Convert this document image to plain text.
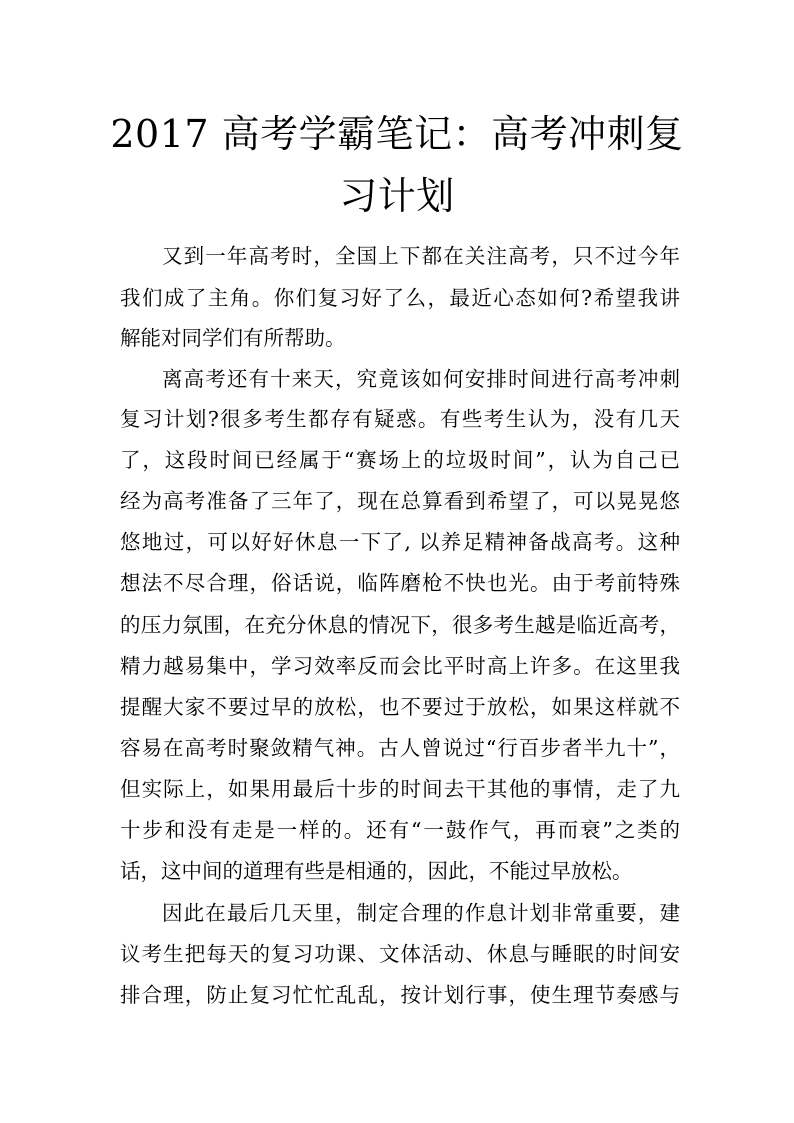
2017 高考学霸笔记：高考冲刺复习计划

又到一年高考时，全国上下都在关注高考，只不过今年

我们成了主角。你们复习好了么，最近心态如何?希望我讲

解能对同学们有所帮助。

离高考还有十来天，究竟该如何安排时间进行高考冲刺

复习计划?很多考生都存有疑惑。有些考生认为，没有几天

了，这段时间已经属于“赛场上的垃圾时间”，认为自己已

经为高考准备了三年了，现在总算看到希望了，可以晃晃悠

悠地过，可以好好休息一下了, 以养足精神备战高考。这种

想法不尽合理，俗话说，临阵磨枪不快也光。由于考前特殊

的压力氛围，在充分休息的情况下，很多考生越是临近高考，

精力越易集中，学习效率反而会比平时高上许多。在这里我

提醒大家不要过早的放松，也不要过于放松，如果这样就不

容易在高考时聚敛精气神。古人曾说过“行百步者半九十”，

但实际上，如果用最后十步的时间去干其他的事情，走了九

十步和没有走是一样的。还有“一鼓作气，再而衰”之类的

话，这中间的道理有些是相通的，因此，不能过早放松。

因此在最后几天里，制定合理的作息计划非常重要，建

议考生把每天的复习功课、文体活动、休息与睡眠的时间安

排合理，防止复习忙忙乱乱，按计划行事，使生理节奏感与
